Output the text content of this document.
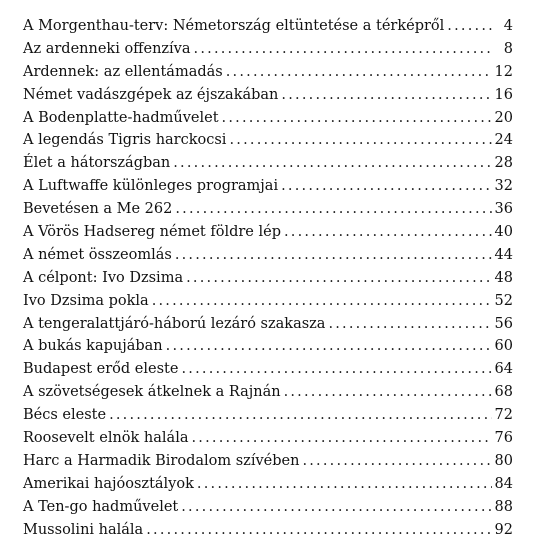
A Morgenthau-terv: Németország eltüntetése a térképről .....	4
Az ardenneki offenzíva .....	8
Ardennek: az ellentámadás .....	12
Német vadászgépek az éjszakában .....	16
A Bodenplatte-hadművelet .....	20
A legendás Tigris harckocsi .....	24
Élet a hátországban .....	28
A Luftwaffe különleges programjai .....	32
Bevetésen a Me 262 .....	36
A Vörös Hadsereg német földre lép .....	40
A német összeomlás .....	44
A célpont: Ivo Dzsima .....	48
Ivo Dzsima pokla .....	52
A tengeralattjáró-háború lezáró szakasza .....	56
A bukás kapujában .....	60
Budapest erőd eleste .....	64
A szövetségesek átkelnek a Rajnán .....	68
Bécs eleste .....	72
Roosevelt elnök halála .....	76
Harc a Harmadik Birodalom szívében .....	80
Amerikai hajóosztályok .....	84
A Ten-go hadművelet .....	88
Mussolini halála .....	92
